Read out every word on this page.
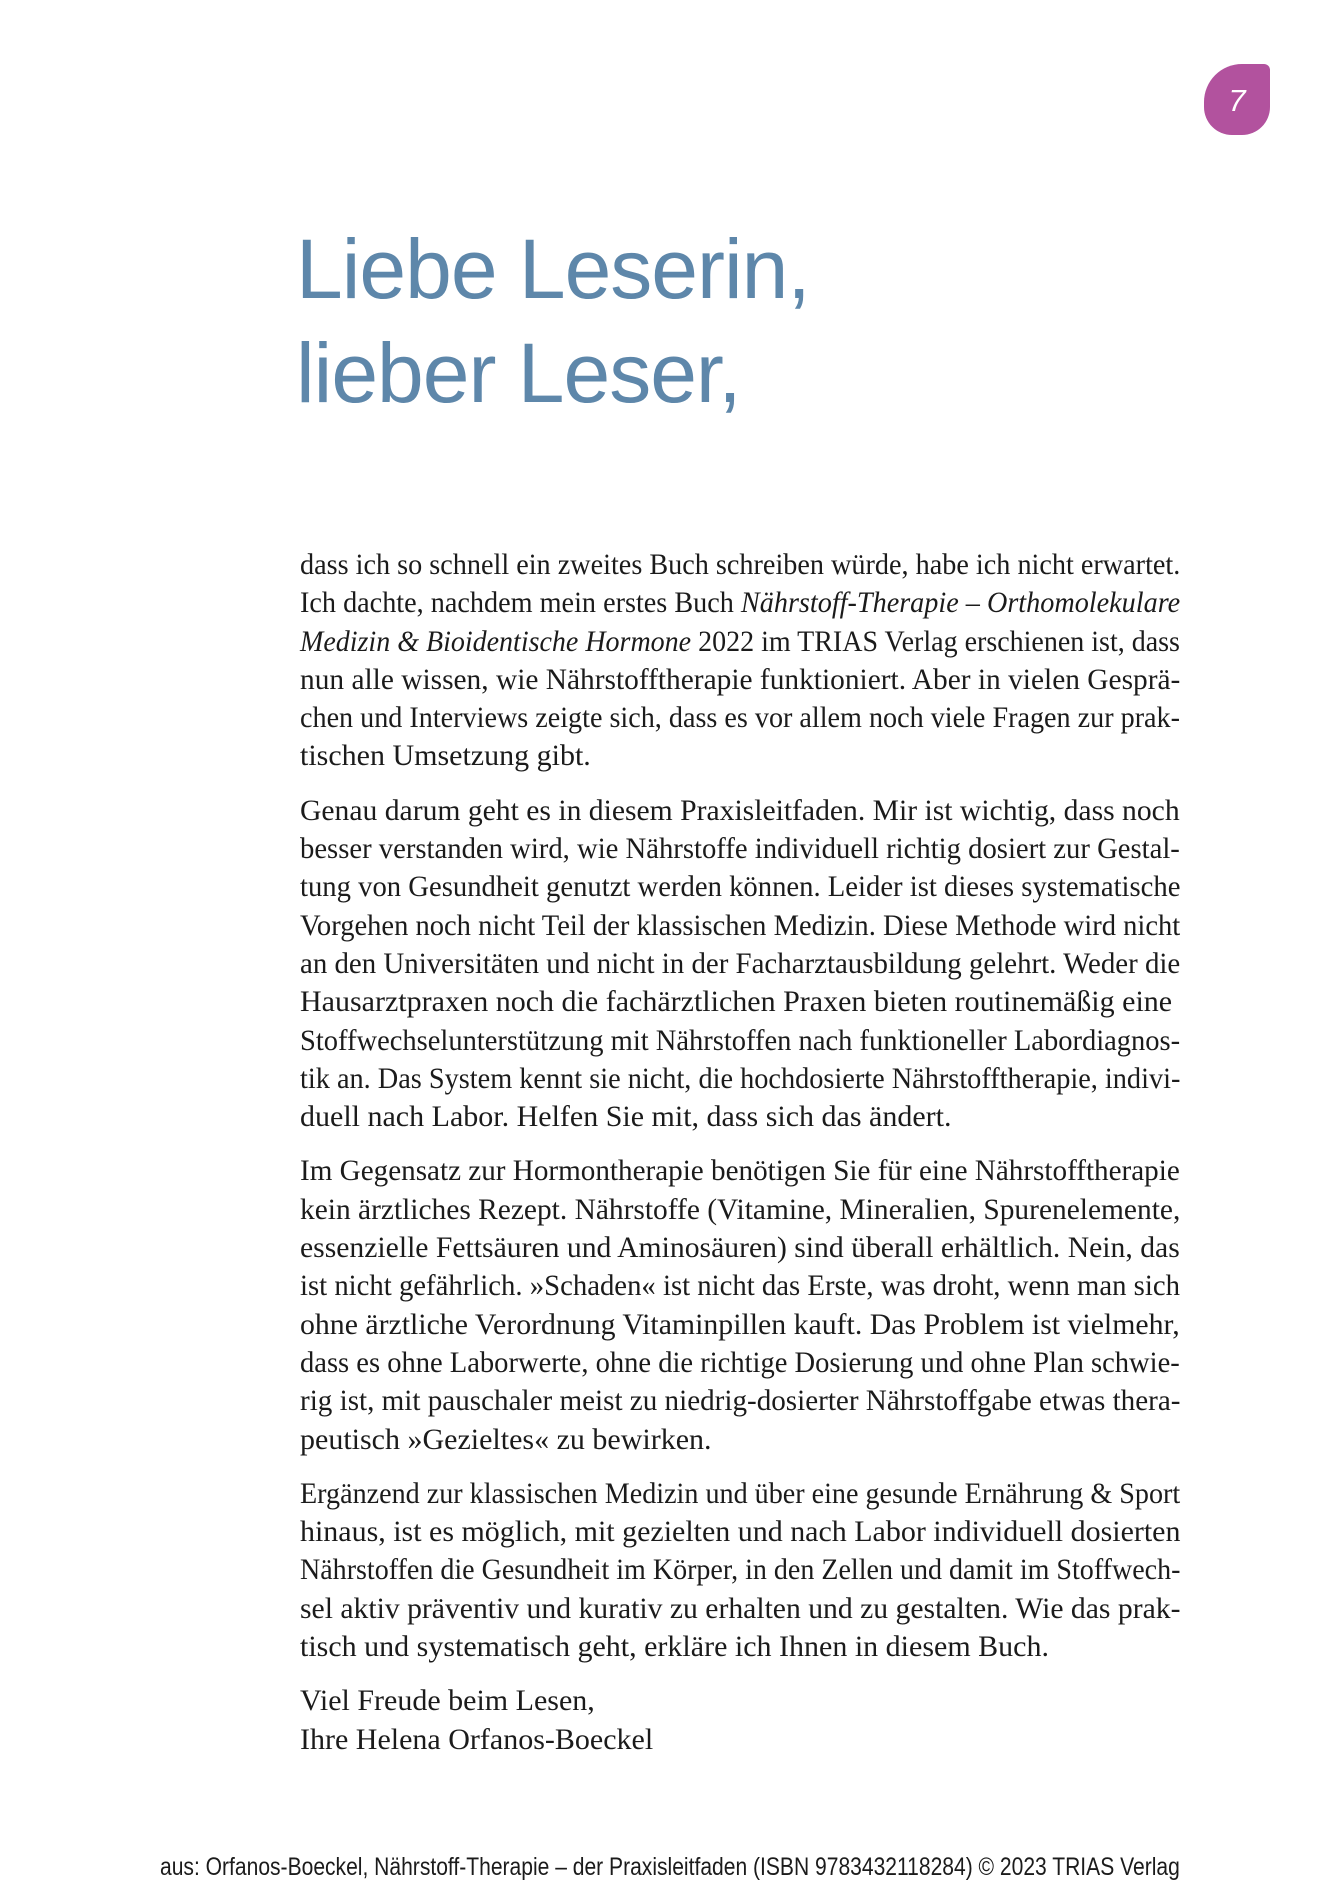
7
Liebe Leserin,
lieber Leser,
dass ich so schnell ein zweites Buch schreiben würde, habe ich nicht erwartet.
Ich dachte, nachdem mein erstes Buch Nährstoff-Therapie – Orthomolekulare
Medizin & Bioidentische Hormone 2022 im TRIAS Verlag erschienen ist, dass
nun alle wissen, wie Nährstofftherapie funktioniert. Aber in vielen Gesprä-
chen und Interviews zeigte sich, dass es vor allem noch viele Fragen zur prak-
tischen Umsetzung gibt.
Genau darum geht es in diesem Praxisleitfaden. Mir ist wichtig, dass noch
besser verstanden wird, wie Nährstoffe individuell richtig dosiert zur Gestal-
tung von Gesundheit genutzt werden können. Leider ist dieses systematische
Vorgehen noch nicht Teil der klassischen Medizin. Diese Methode wird nicht
an den Universitäten und nicht in der Facharztausbildung gelehrt. Weder die
Hausarztpraxen noch die fachärztlichen Praxen bieten routinemäßig eine
Stoffwechselunterstützung mit Nährstoffen nach funktioneller Labordiagnos-
tik an. Das System kennt sie nicht, die hochdosierte Nährstofftherapie, indivi-
duell nach Labor. Helfen Sie mit, dass sich das ändert.
Im Gegensatz zur Hormontherapie benötigen Sie für eine Nährstofftherapie
kein ärztliches Rezept. Nährstoffe (Vitamine, Mineralien, Spurenelemente,
essenzielle Fettsäuren und Aminosäuren) sind überall erhältlich. Nein, das
ist nicht gefährlich. »Schaden« ist nicht das Erste, was droht, wenn man sich
ohne ärztliche Verordnung Vitaminpillen kauft. Das Problem ist vielmehr,
dass es ohne Laborwerte, ohne die richtige Dosierung und ohne Plan schwie-
rig ist, mit pauschaler meist zu niedrig-dosierter Nährstoffgabe etwas thera-
peutisch »Gezieltes« zu bewirken.
Ergänzend zur klassischen Medizin und über eine gesunde Ernährung & Sport
hinaus, ist es möglich, mit gezielten und nach Labor individuell dosierten
Nährstoffen die Gesundheit im Körper, in den Zellen und damit im Stoffwech-
sel aktiv präventiv und kurativ zu erhalten und zu gestalten. Wie das prak-
tisch und systematisch geht, erkläre ich Ihnen in diesem Buch.
Viel Freude beim Lesen,
Ihre Helena Orfanos-Boeckel
aus: Orfanos-Boeckel, Nährstoff-Therapie – der Praxisleitfaden (ISBN 9783432118284) © 2023 TRIAS Verlag
